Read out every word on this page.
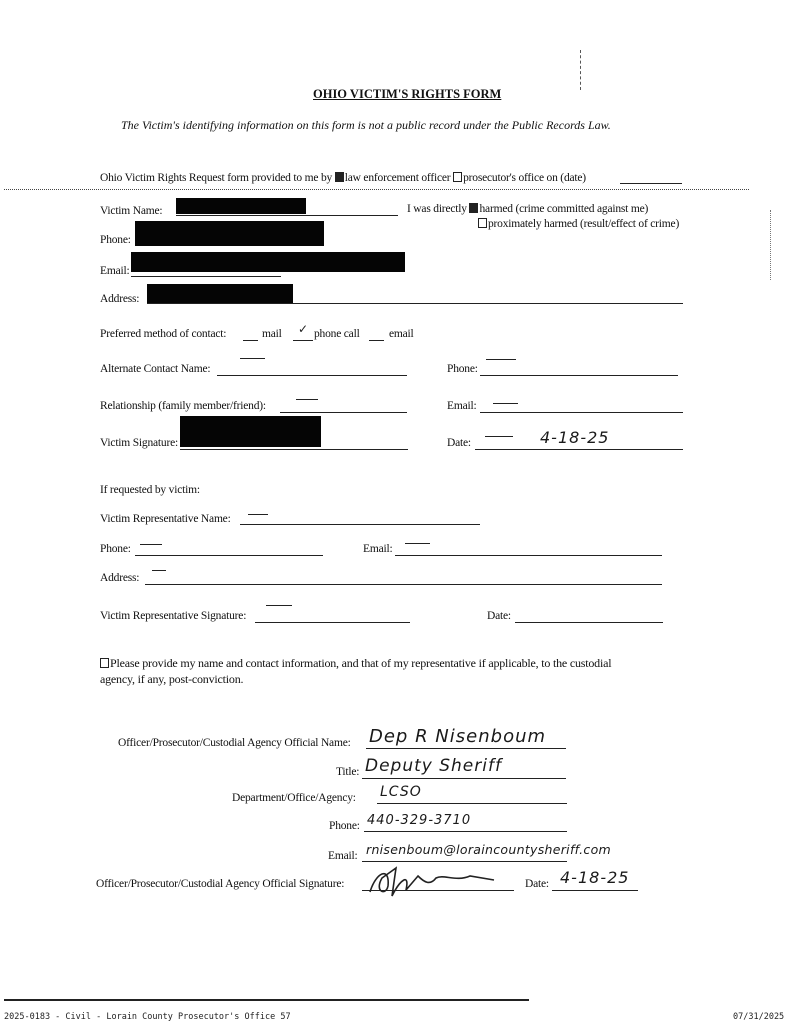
OHIO VICTIM'S RIGHTS FORM
The Victim's identifying information on this form is not a public record under the Public Records Law.
Ohio Victim Rights Request form provided to me by law enforcement officer prosecutor's office on (date)
Victim Name:	I was directly harmed (crime committed against me)
proximately harmed (result/effect of crime)
Phone:
Email:
Address:
Preferred method of contact:	mail ✓ phone call	email
Alternate Contact Name:	Phone:
Relationship (family member/friend):	Email:
Victim Signature:	Date:	4-18-25
If requested by victim:
Victim Representative Name:
Phone:	Email:
Address:
Victim Representative Signature:	Date:
Please provide my name and contact information, and that of my representative if applicable, to the custodial
agency, if any, post-conviction.
Officer/Prosecutor/Custodial Agency Official Name: Dep R Nisenboum
Title: Deputy Sheriff
Department/Office/Agency: LCSO
Phone: 440-329-3710
Email: rnisenboum@loraincountysheriff.com
Officer/Prosecutor/Custodial Agency Official Signature:	Date: 4-18-25
2025-0183 - Civil - Lorain County Prosecutor's Office 57	07/31/2025
